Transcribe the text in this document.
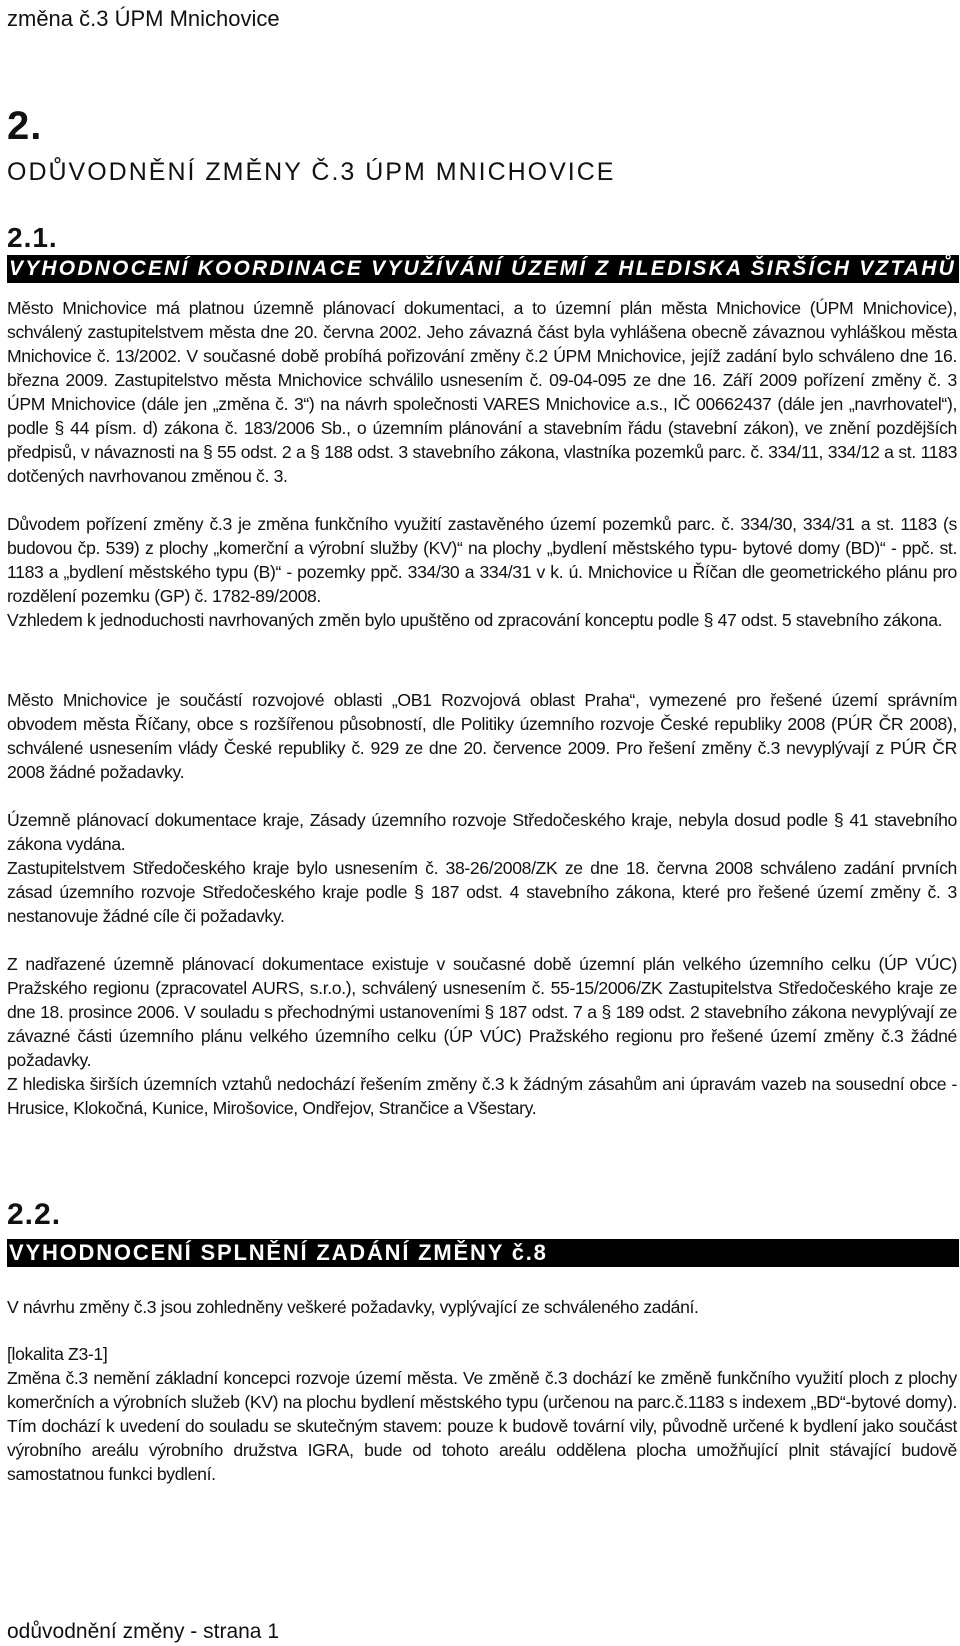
změna č.3 ÚPM Mnichovice
2.
ODŮVODNĚNÍ ZMĚNY Č.3 ÚPM MNICHOVICE
2.1.
VYHODNOCENÍ KOORDINACE VYUŽÍVÁNÍ ÚZEMÍ Z HLEDISKA ŠIRŠÍCH VZTAHŮ

Město Mnichovice má platnou územně plánovací dokumentaci, a to územní plán města Mnichovice (ÚPM Mnichovice), schválený zastupitelstvem města dne 20. června 2002. Jeho závazná část byla vyhlášena obecně závaznou vyhláškou města Mnichovice č. 13/2002. V současné době probíhá pořizování změny č.2 ÚPM Mnichovice, jejíž zadání bylo schváleno dne 16. března 2009. Zastupitelstvo města Mnichovice schválilo usnesením č. 09-04-095 ze dne 16. Září 2009 pořízení změny č. 3 ÚPM Mnichovice (dále jen „změna č. 3“) na návrh společnosti VARES Mnichovice a.s., IČ 00662437 (dále jen „navrhovatel“), podle § 44 písm. d) zákona č. 183/2006 Sb., o územním plánování a stavebním řádu (stavební zákon), ve znění pozdějších předpisů, v návaznosti na § 55 odst. 2 a § 188 odst. 3 stavebního zákona, vlastníka pozemků parc. č. 334/11, 334/12 a st. 1183 dotčených navrhovanou změnou č. 3.

Důvodem pořízení změny č.3 je změna funkčního využití zastavěného území pozemků parc. č. 334/30, 334/31 a st. 1183 (s budovou čp. 539) z plochy „komerční a výrobní služby (KV)“ na plochy „bydlení městského typu- bytové domy (BD)“ - ppč. st. 1183 a „bydlení městského typu (B)“ - pozemky ppč. 334/30 a 334/31 v k. ú. Mnichovice u Říčan dle geometrického plánu pro rozdělení pozemku (GP) č. 1782-89/2008.

Vzhledem k jednoduchosti navrhovaných změn bylo upuštěno od zpracování konceptu podle § 47 odst. 5 stavebního zákona.

Město Mnichovice je součástí rozvojové oblasti „OB1 Rozvojová oblast Praha“, vymezené pro řešené území správním obvodem města Říčany, obce s rozšířenou působností, dle Politiky územního rozvoje České republiky 2008 (PÚR ČR 2008), schválené usnesením vlády České republiky č. 929 ze dne 20. července 2009. Pro řešení změny č.3 nevyplývají z PÚR ČR 2008 žádné požadavky.

Územně plánovací dokumentace kraje, Zásady územního rozvoje Středočeského kraje, nebyla dosud podle § 41 stavebního zákona vydána.

Zastupitelstvem Středočeského kraje bylo usnesením č. 38-26/2008/ZK ze dne 18. června 2008 schváleno zadání prvních zásad územního rozvoje Středočeského kraje podle § 187 odst. 4 stavebního zákona, které pro řešené území změny č. 3 nestanovuje žádné cíle či požadavky.

Z nadřazené územně plánovací dokumentace existuje v současné době územní plán velkého územního celku (ÚP VÚC) Pražského regionu (zpracovatel AURS, s.r.o.), schválený usnesením č. 55-15/2006/ZK Zastupitelstva Středočeského kraje ze dne 18. prosince 2006. V souladu s přechodnými ustanoveními § 187 odst. 7 a § 189 odst. 2 stavebního zákona nevyplývají ze závazné části územního plánu velkého územního celku (ÚP VÚC) Pražského regionu pro řešené území změny č.3 žádné požadavky.

Z hlediska širších územních vztahů nedochází řešením změny č.3 k žádným zásahům ani úpravám vazeb na sousední obce - Hrusice, Klokočná, Kunice, Mirošovice, Ondřejov, Strančice a Všestary.

2.2.
VYHODNOCENÍ SPLNĚNÍ ZADÁNÍ ZMĚNY č.8

V návrhu změny č.3 jsou zohledněny veškeré požadavky, vyplývající ze schváleného zadání.

[lokalita Z3-1]

Změna č.3 nemění základní koncepci rozvoje území města. Ve změně č.3 dochází ke změně funkčního využití ploch z plochy komerčních a výrobních služeb (KV) na plochu bydlení městského typu (určenou na parc.č.1183 s indexem „BD“-bytové domy). Tím dochází k uvedení do souladu se skutečným stavem: pouze k budově tovární vily, původně určené k bydlení jako součást výrobního areálu výrobního družstva IGRA, bude od tohoto areálu oddělena plocha umožňující plnit stávající budově samostatnou funkci bydlení.

odůvodnění změny - strana 1
